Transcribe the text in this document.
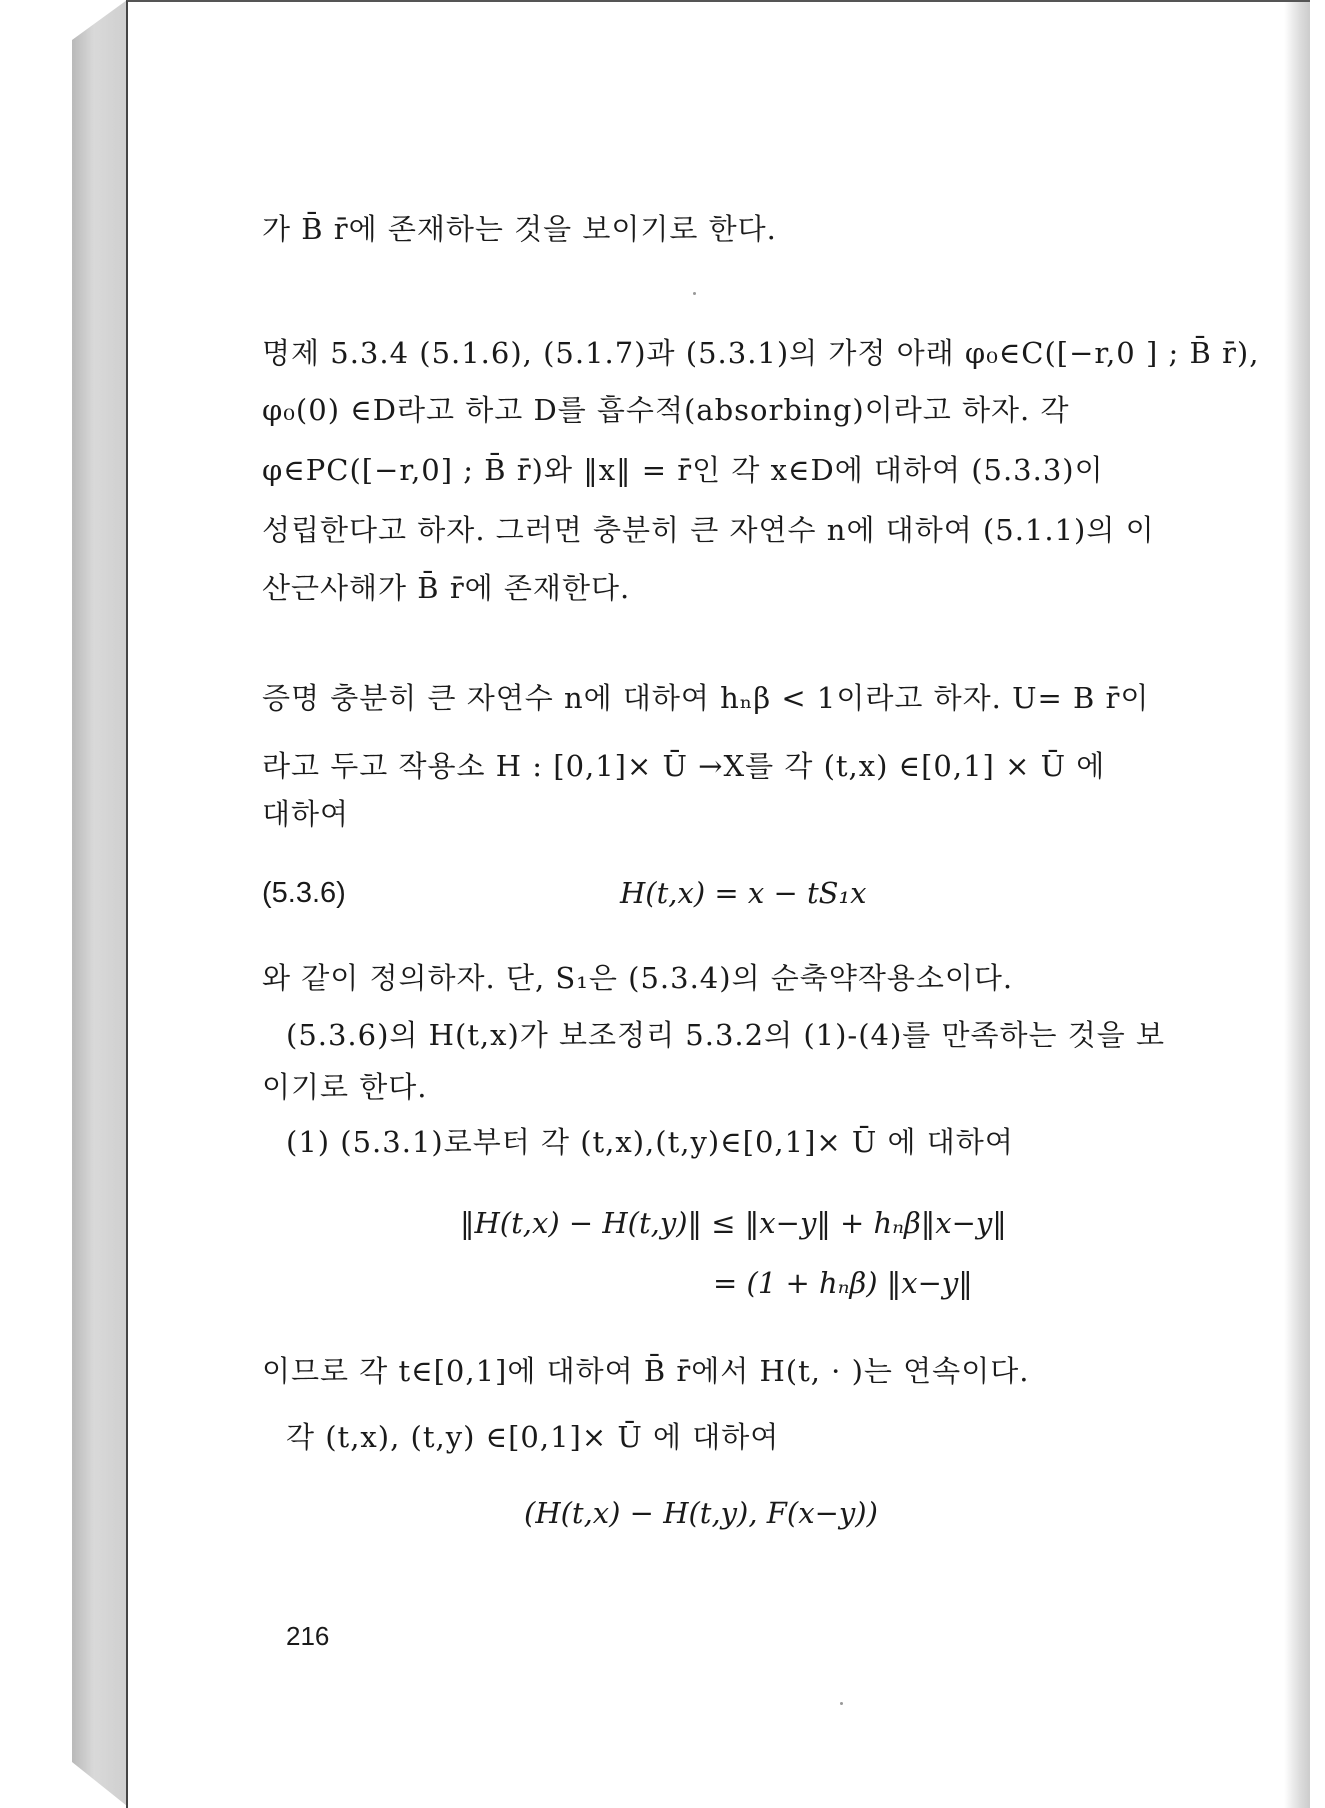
가 B̄ r̄에 존재하는 것을 보이기로 한다.
명제 5.3.4 (5.1.6), (5.1.7)과 (5.3.1)의 가정 아래 φ₀∈C([−r,0 ] ; B̄ r̄),
φ₀(0) ∈D라고 하고 D를 흡수적(absorbing)이라고 하자. 각
φ∈PC([−r,0] ; B̄ r̄)와 ‖x‖ = r̄인 각 x∈D에 대하여 (5.3.3)이
성립한다고 하자. 그러면 충분히 큰 자연수 n에 대하여 (5.1.1)의 이
산근사해가 B̄ r̄에 존재한다.
증명 충분히 큰 자연수 n에 대하여 hₙβ < 1이라고 하자. U= B r̄이
라고 두고 작용소 H : [0,1]× Ū →X를 각 (t,x) ∈[0,1] × Ū 에
대하여
(5.3.6)	H(t,x) = x − tS₁x
와 같이 정의하자. 단, S₁은 (5.3.4)의 순축약작용소이다.
(5.3.6)의 H(t,x)가 보조정리 5.3.2의 (1)-(4)를 만족하는 것을 보
이기로 한다.
(1) (5.3.1)로부터 각 (t,x),(t,y)∈[0,1]× Ū 에 대하여
‖H(t,x) − H(t,y)‖ ≤ ‖x−y‖ + hₙβ‖x−y‖
= (1 + hₙβ) ‖x−y‖
이므로 각 t∈[0,1]에 대하여 B̄ r̄에서 H(t, · )는 연속이다.
각 (t,x), (t,y) ∈[0,1]× Ū 에 대하여
(H(t,x) − H(t,y), F(x−y))
216
